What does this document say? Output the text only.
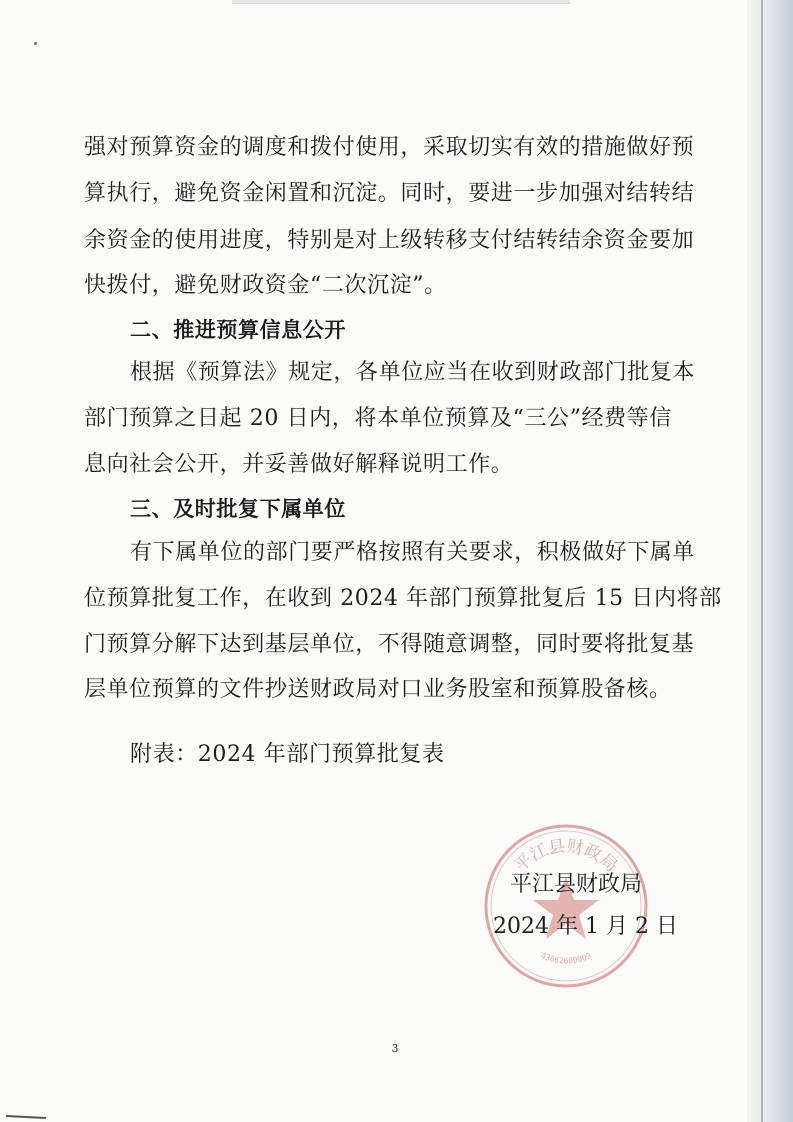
强对预算资金的调度和拨付使用，采取切实有效的措施做好预
算执行，避免资金闲置和沉淀。同时，要进一步加强对结转结
余资金的使用进度，特别是对上级转移支付结转结余资金要加
快拨付，避免财政资金“二次沉淀”。
二、推进预算信息公开
根据《预算法》规定，各单位应当在收到财政部门批复本
部门预算之日起 20 日内，将本单位预算及“三公”经费等信
息向社会公开，并妥善做好解释说明工作。
三、及时批复下属单位
有下属单位的部门要严格按照有关要求，积极做好下属单
位预算批复工作，在收到 2024 年部门预算批复后 15 日内将部
门预算分解下达到基层单位，不得随意调整，同时要将批复基
层单位预算的文件抄送财政局对口业务股室和预算股备核。
附表：2024 年部门预算批复表
平江县财政局
43062600009
平江县财政局
2024 年 1 月 2 日
3
